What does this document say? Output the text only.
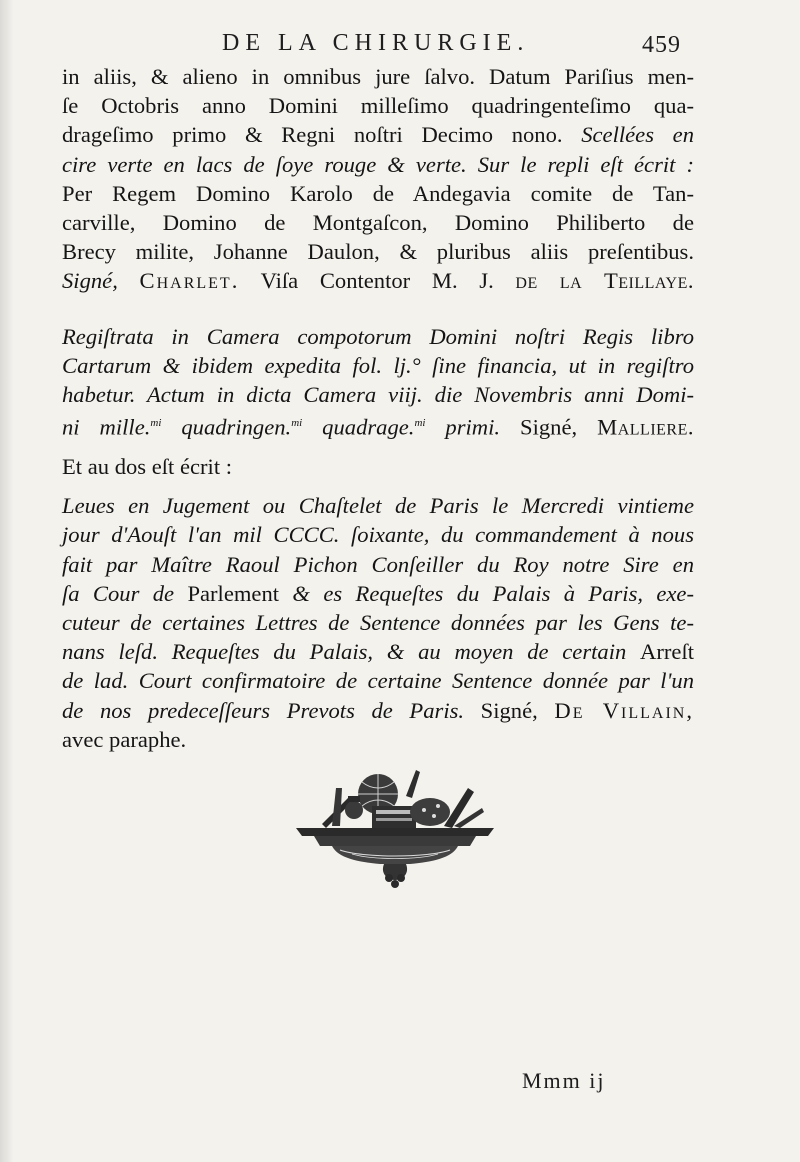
DE LA CHIRURGIE.	459
in aliis, & alieno in omnibus jure ſalvo. Datum Pariſius men-
ſe Octobris anno Domini milleſimo quadringenteſimo qua-
drageſimo primo & Regni noſtri Decimo nono. Scellées en
cire verte en lacs de ſoye rouge & verte. Sur le repli eſt écrit :
Per Regem Domino Karolo de Andegavia comite de Tan-
carville, Domino de Montgaſcon, Domino Philiberto de
Brecy milite, Johanne Daulon, & pluribus aliis preſentibus.
Signé, Charlet. Viſa Contentor M. J. de la Teillaye.
Regiſtrata in Camera compotorum Domini noſtri Regis libro
Cartarum & ibidem expedita fol. lj.° ſine financia, ut in regiſtro
habetur. Actum in dicta Camera viij. die Novembris anni Domi-
ni mille.$^{mi}$ quadringen.$^{mi}$ quadrage.$^{mi}$ primi. Signé, Malliere.
Et au dos eſt écrit :
Leues en Jugement ou Chaſtelet de Paris le Mercredi vintieme
jour d'Aouſt l'an mil CCCC. ſoixante, du commandement à nous
fait par Maître Raoul Pichon Conſeiller du Roy notre Sire en
ſa Cour de Parlement & es Requeſtes du Palais à Paris, exe-
cuteur de certaines Lettres de Sentence données par les Gens te-
nans leſd. Requeſtes du Palais, & au moyen de certain Arreſt
de lad. Court confirmatoire de certaine Sentence donnée par l'un
de nos predeceſſeurs Prevots de Paris. Signé, De Villain,
avec paraphe.
Mmm ij
